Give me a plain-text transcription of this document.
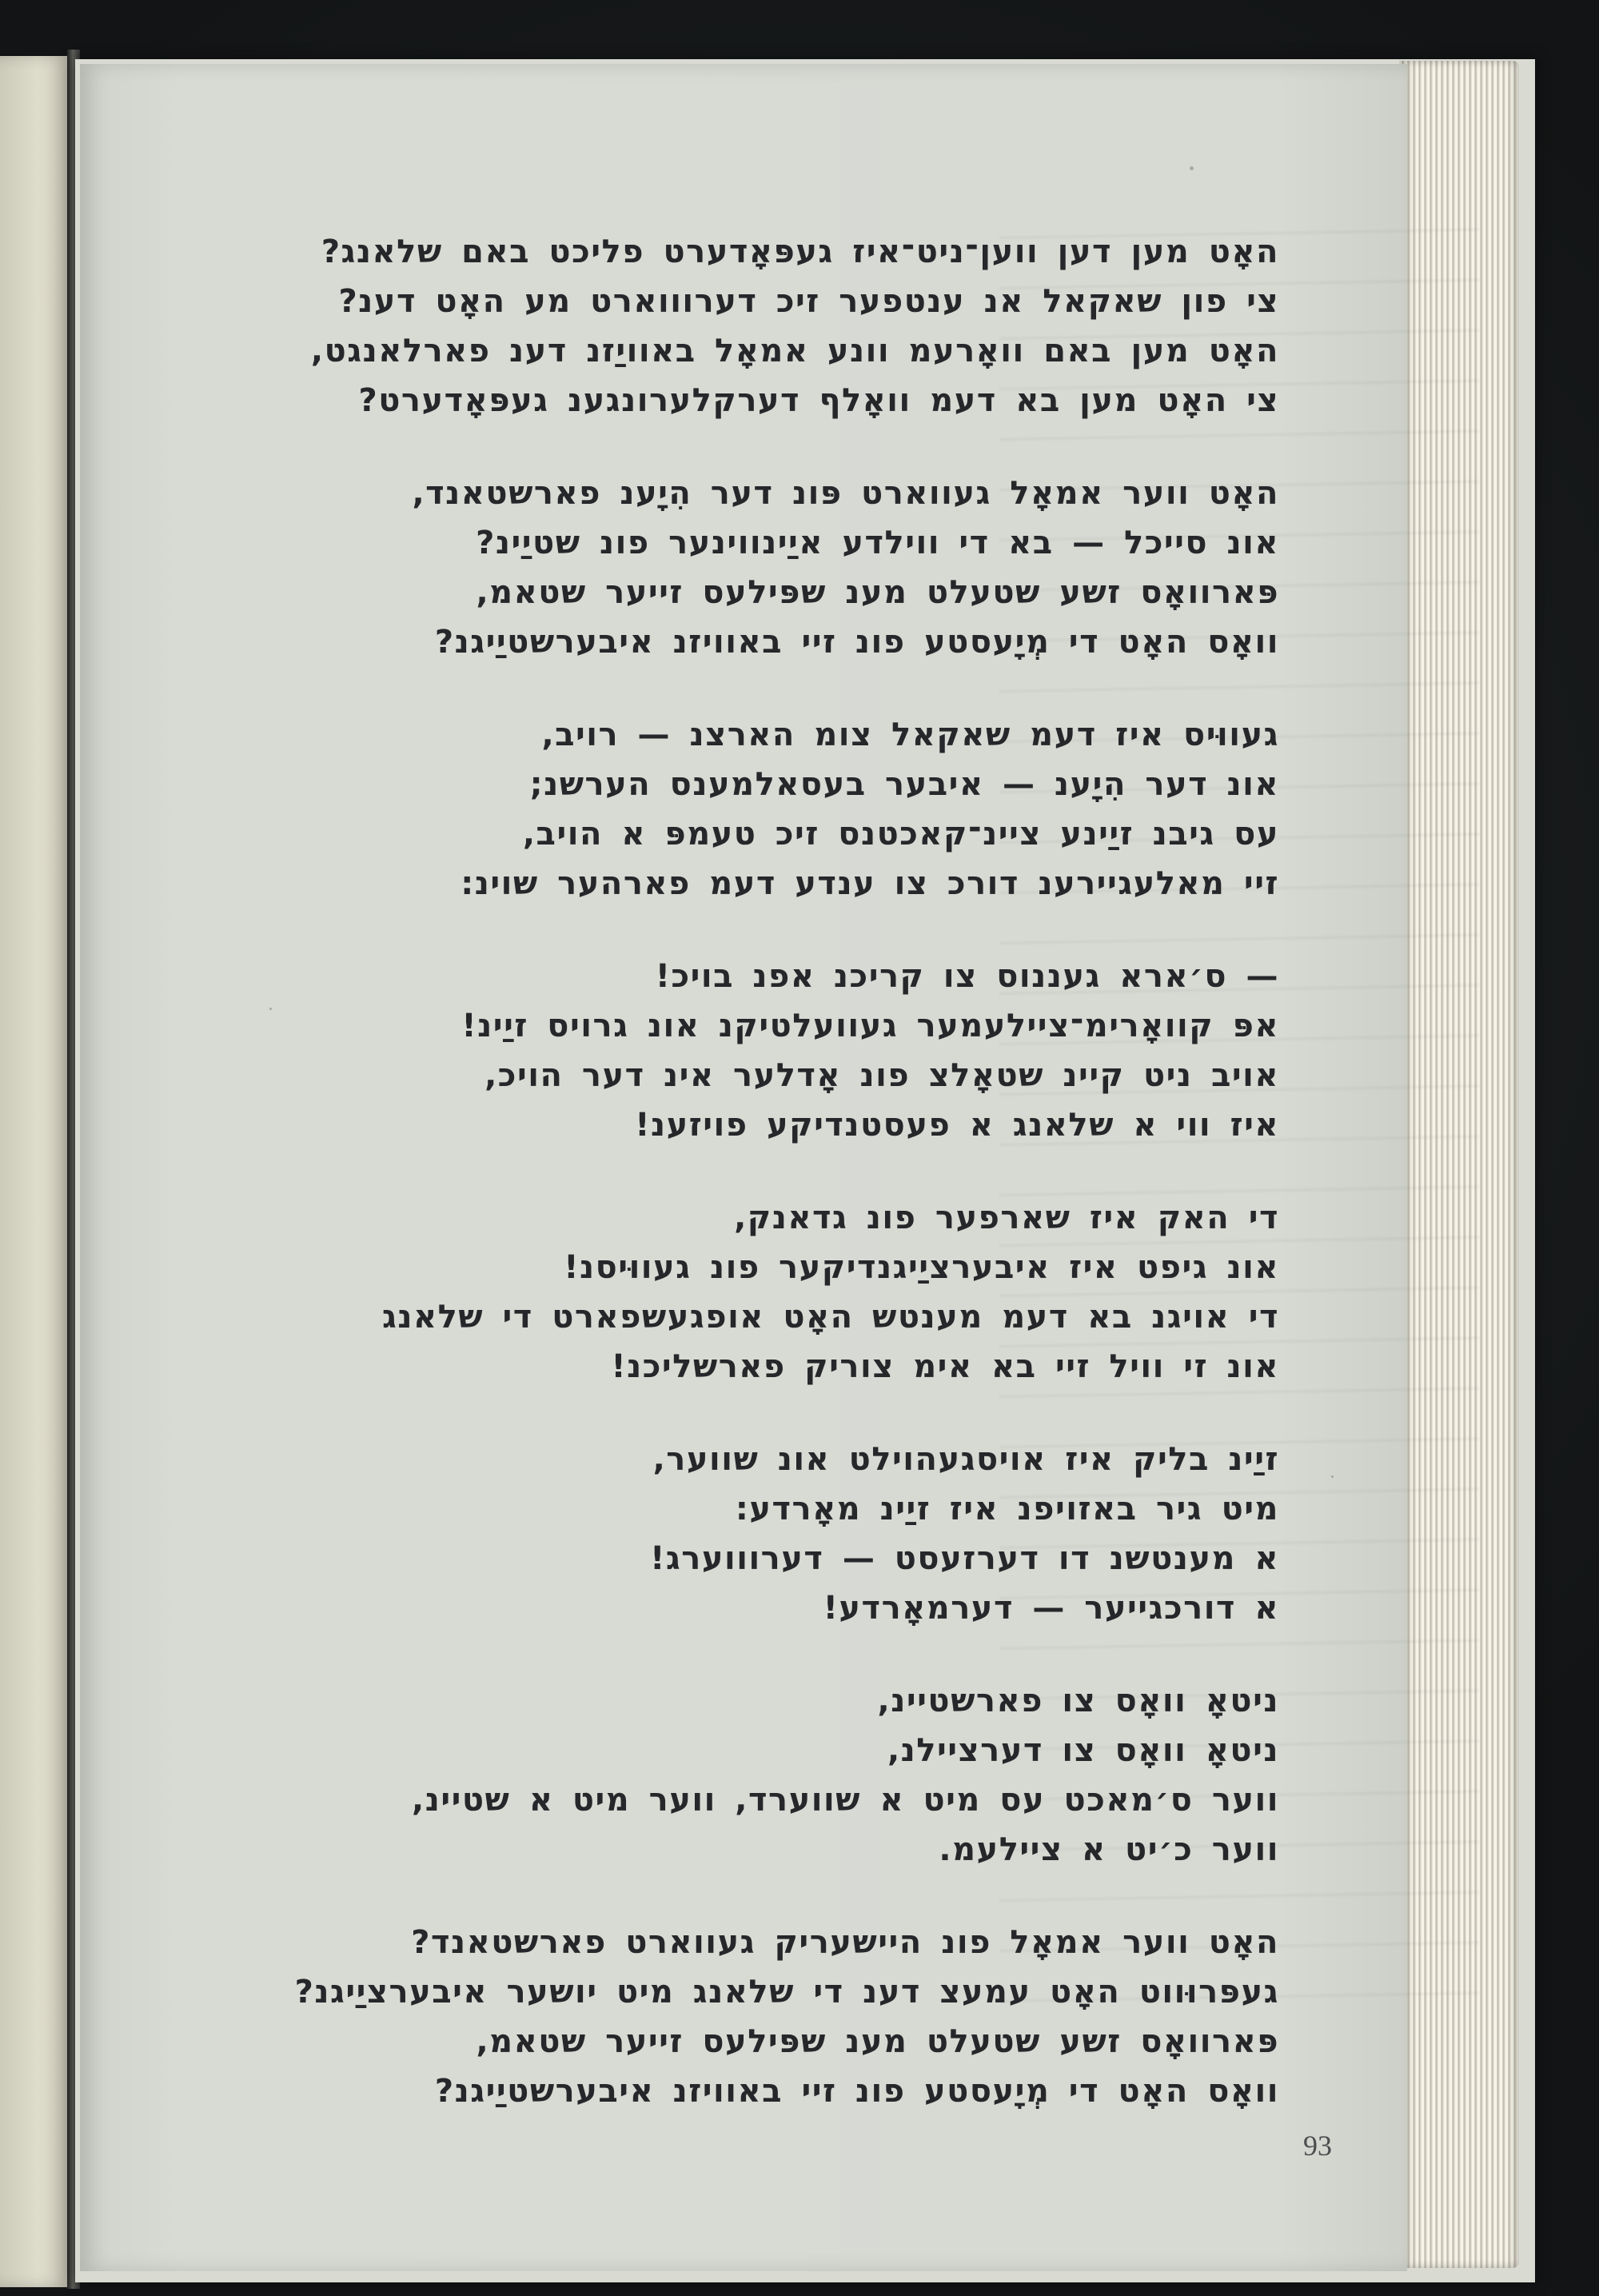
האָט מען דען ווען־ניט־איז געפּאָדערט פליכט באם שלאנג?
צי פון שאקאל אנ ענטפער זיכ דערוווארט מע האָט דענ?
האָט מען באם וואָרעמ וונע אמאָל באוויַזנ דענ פארלאנגט,
צי האָט מען בא דעמ וואָלף דערקלערונגענ געפּאָדערט?
האָט ווער אמאָל געווארט פּונ דער הִיָענ פארשטאנד,
אונ סייכל — בא די ווילדע איַינווינער פונ שטיַינ?
פּארוואָס זשע שטעלט מענ שפּילעס זייער שטאמ,
וואָס האָט די מְיָעסטע פונ זיי באוויזנ איבערשטיַיגנ?
געווּיס איז דעמ שאקאל צומ הארצנ — רויב,
אונ דער הִיָענ — איבער בעסאלמענס הערשנ;
עס גיבנ זיַינע ציינ־קאכטנס זיכ טעמפּ א הויב,
זיי מאלעגיירענ דורכ צו ענדע דעמ פארהער שוינ:
— ס׳ארא געננוס צו קריכנ אפנ בויכ!
אפּ קוואָרימ־ציילעמער געוועלטיקנ אונ גרויס זיַינ!
אויב ניט קיינ שטאָלצ פונ אָדלער אינ דער הויכ,
איז ווי א שלאנג א פעסטנדיקע פויזענ!
די האק איז שארפער פונ גדאנק,
אונ גיפט איז איבערציַיגנדיקער פונ געווּיסנ!
די אויגנ בא דעמ מענטש האָט אופגעשפארט די שלאנג
אונ זי וויל זיי בא אימ צוריק פארשליכנ!
זיַינ בליק איז אויסגעהוילט אונ שווער,
מיט גיר באזויפנ איז זיַינ מאָרדע:
א מענטשנ דו דערזעסט — דערוווערג!
א דורכגייער — דערמאָרדע!
ניטאָ וואָס צו פארשטיינ,
ניטאָ וואָס צו דערציילנ,
ווער ס׳מאכט עס מיט א שווערד, ווער מיט א שטיינ,
ווער כ׳יט א ציילעמ.
האָט ווער אמאָל פונ היישעריק געווארט פארשטאנד?
געפּרוּווט האָט עמעצ דענ די שלאנג מיט יושער איבערציַיגנ?
פּארוואָס זשע שטעלט מענ שפּילעס זייער שטאמ,
וואָס האָט די מְיָעסטע פונ זיי באוויזנ איבערשטיַיגנ?
93
